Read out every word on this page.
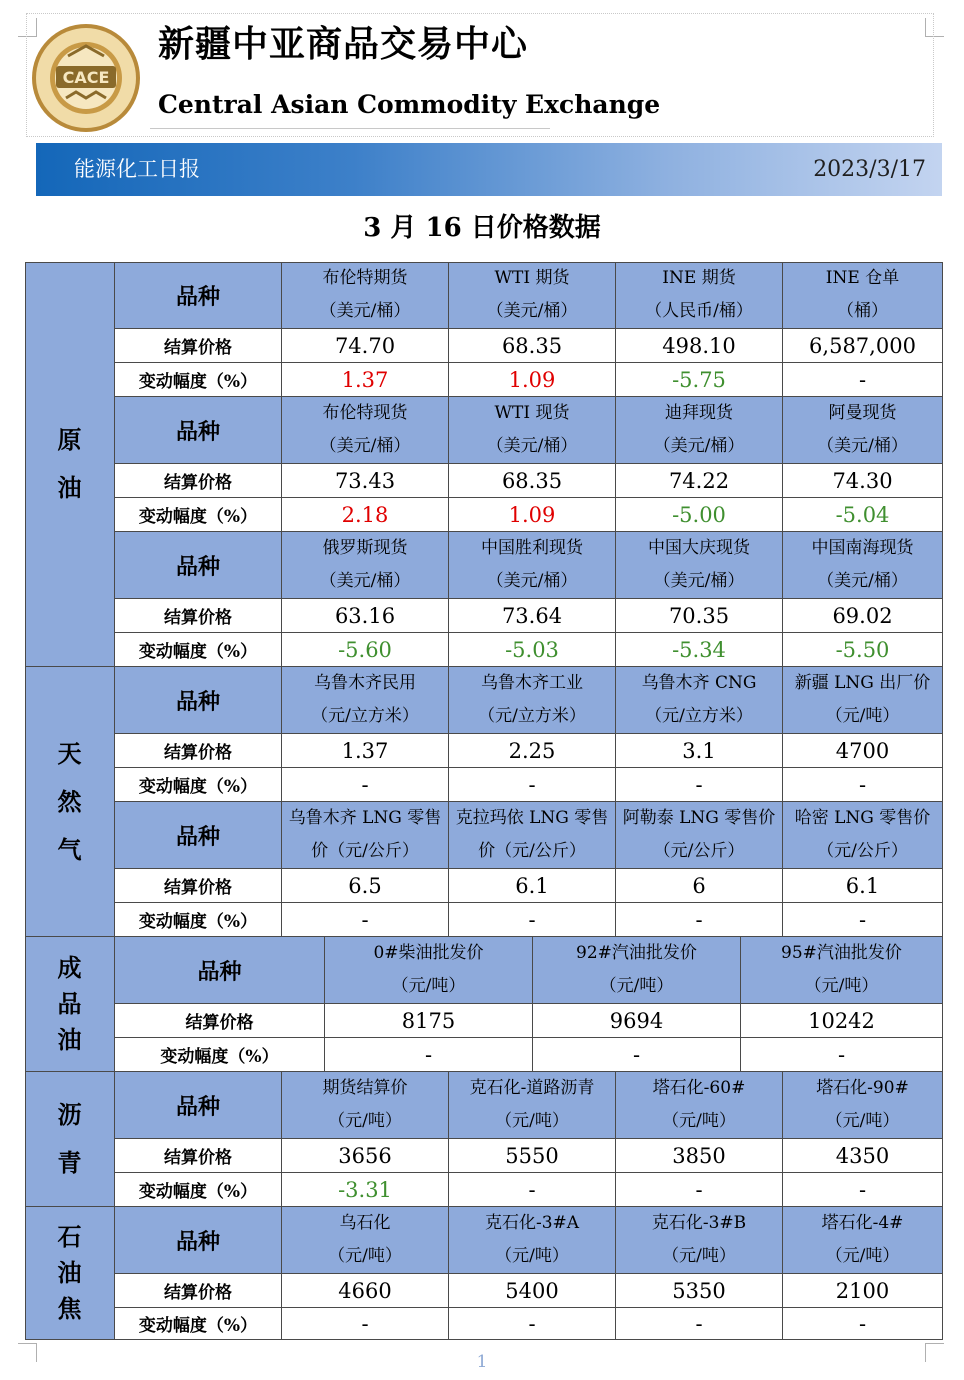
CACE
新疆中亚商品交易中心
Central Asian Commodity Exchange
能源化工日报	2023/3/17
3 月 16 日价格数据
原
油
天
然
气
成
品
油
沥
青
石
油
焦
品种
结算价格
变动幅度（%）
布伦特期货
（美元/桶）
74.70
1.37
WTI 期货
（美元/桶）
68.35
1.09
INE 期货
（人民币/桶）
498.10
-5.75
INE 仓单
（桶）
6,587,000
-
品种
结算价格
变动幅度（%）
布伦特现货
（美元/桶）
73.43
2.18
WTI 现货
（美元/桶）
68.35
1.09
迪拜现货
（美元/桶）
74.22
-5.00
阿曼现货
（美元/桶）
74.30
-5.04
品种
结算价格
变动幅度（%）
俄罗斯现货
（美元/桶）
63.16
-5.60
中国胜利现货
（美元/桶）
73.64
-5.03
中国大庆现货
（美元/桶）
70.35
-5.34
中国南海现货
（美元/桶）
69.02
-5.50
品种
结算价格
变动幅度（%）
乌鲁木齐民用
（元/立方米）
1.37
-
乌鲁木齐工业
（元/立方米）
2.25
-
乌鲁木齐 CNG
（元/立方米）
3.1
-
新疆 LNG 出厂价
（元/吨）
4700
-
品种
结算价格
变动幅度（%）
乌鲁木齐 LNG 零售
价（元/公斤）
6.5
-
克拉玛依 LNG 零售
价（元/公斤）
6.1
-
阿勒泰 LNG 零售价
（元/公斤）
6
-
哈密 LNG 零售价
（元/公斤）
6.1
-
品种
结算价格
变动幅度（%）
0#柴油批发价
（元/吨）
8175
-
92#汽油批发价
（元/吨）
9694
-
95#汽油批发价
（元/吨）
10242
-
品种
结算价格
变动幅度（%）
期货结算价
（元/吨）
3656
-3.31
克石化-道路沥青
（元/吨）
5550
-
塔石化-60#
（元/吨）
3850
-
塔石化-90#
（元/吨）
4350
-
品种
结算价格
变动幅度（%）
乌石化
（元/吨）
4660
-
克石化-3#A
（元/吨）
5400
-
克石化-3#B
（元/吨）
5350
-
塔石化-4#
（元/吨）
2100
-
1
